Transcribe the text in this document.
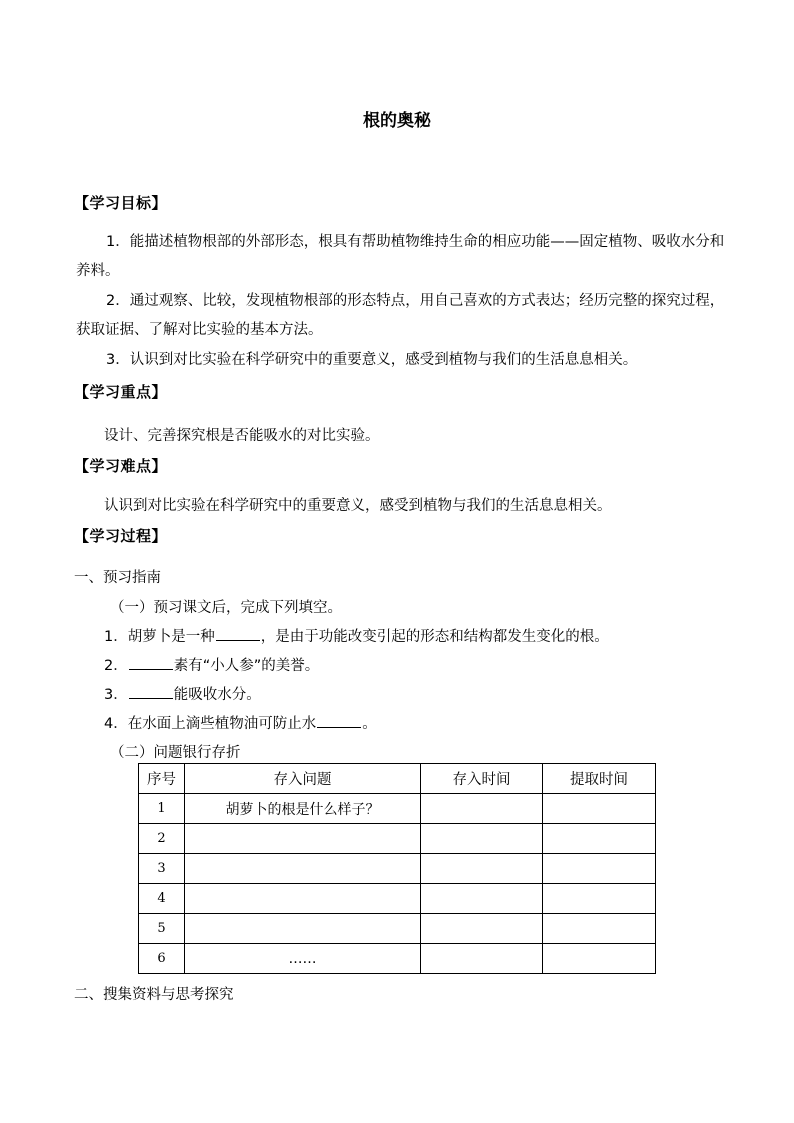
根的奥秘
【学习目标】
1．能描述植物根部的外部形态，根具有帮助植物维持生命的相应功能——固定植物、吸收水分和养料。
2．通过观察、比较，发现植物根部的形态特点，用自己喜欢的方式表达；经历完整的探究过程，获取证据、了解对比实验的基本方法。
3．认识到对比实验在科学研究中的重要意义，感受到植物与我们的生活息息相关。
【学习重点】
设计、完善探究根是否能吸水的对比实验。
【学习难点】
认识到对比实验在科学研究中的重要意义，感受到植物与我们的生活息息相关。
【学习过程】
一、预习指南
（一）预习课文后，完成下列填空。
1．胡萝卜是一种	，是由于功能改变引起的形态和结构都发生变化的根。
2．	素有“小人参”的美誉。
3．	能吸收水分。
4．在水面上滴些植物油可防止水	。
（二）问题银行存折
序号	存入问题	存入时间	提取时间
1	胡萝卜的根是什么样子？		
2			
3			
4			
5			
6	……		
二、搜集资料与思考探究
